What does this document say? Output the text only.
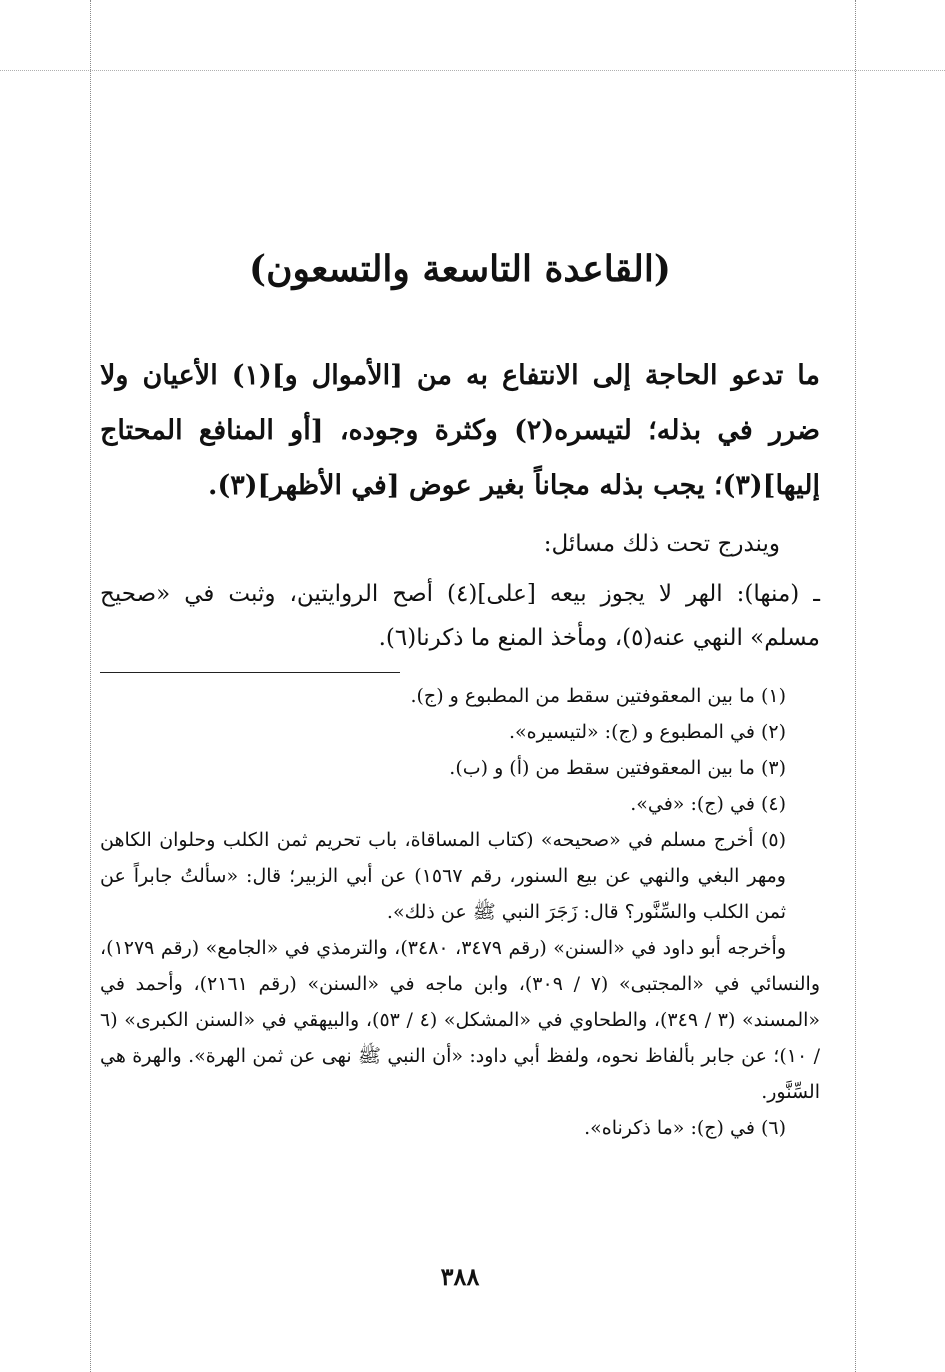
(القاعدة التاسعة والتسعون)

ما تدعو الحاجة إلى الانتفاع به من [الأموال و](١) الأعيان ولا ضرر في بذله؛ لتيسره(٢) وكثرة وجوده، [أو المنافع المحتاج إليها](٣)؛ يجب بذله مجاناً بغير عوض [في الأظهر](٣).

ويندرج تحت ذلك مسائل:

ـ (منها): الهر لا يجوز بيعه [على](٤) أصح الروايتين، وثبت في «صحيح مسلم» النهي عنه(٥)، ومأخذ المنع ما ذكرنا(٦).

(١) ما بين المعقوفتين سقط من المطبوع و (ج).

(٢) في المطبوع و (ج): «لتيسيره».

(٣) ما بين المعقوفتين سقط من (أ) و (ب).

(٤) في (ج): «في».

(٥) أخرج مسلم في «صحيحه» (كتاب المساقاة، باب تحريم ثمن الكلب وحلوان الكاهن ومهر البغي والنهي عن بيع السنور، رقم ١٥٦٧) عن أبي الزبير؛ قال: «سألتُ جابراً عن ثمن الكلب والسِّنَّور؟ قال: زَجَرَ النبي ﷺ عن ذلك».

وأخرجه أبو داود في «السنن» (رقم ٣٤٧٩، ٣٤٨٠)، والترمذي في «الجامع» (رقم ١٢٧٩)، والنسائي في «المجتبى» (٧ / ٣٠٩)، وابن ماجه في «السنن» (رقم ٢١٦١)، وأحمد في «المسند» (٣ / ٣٤٩)، والطحاوي في «المشكل» (٤ / ٥٣)، والبيهقي في «السنن الكبرى» (٦ / ١٠)؛ عن جابر بألفاظ نحوه، ولفظ أبي داود: «أن النبي ﷺ نهى عن ثمن الهرة». والهرة هي السِّنَّور.

(٦) في (ج): «ما ذكرناه».

٣٨٨
